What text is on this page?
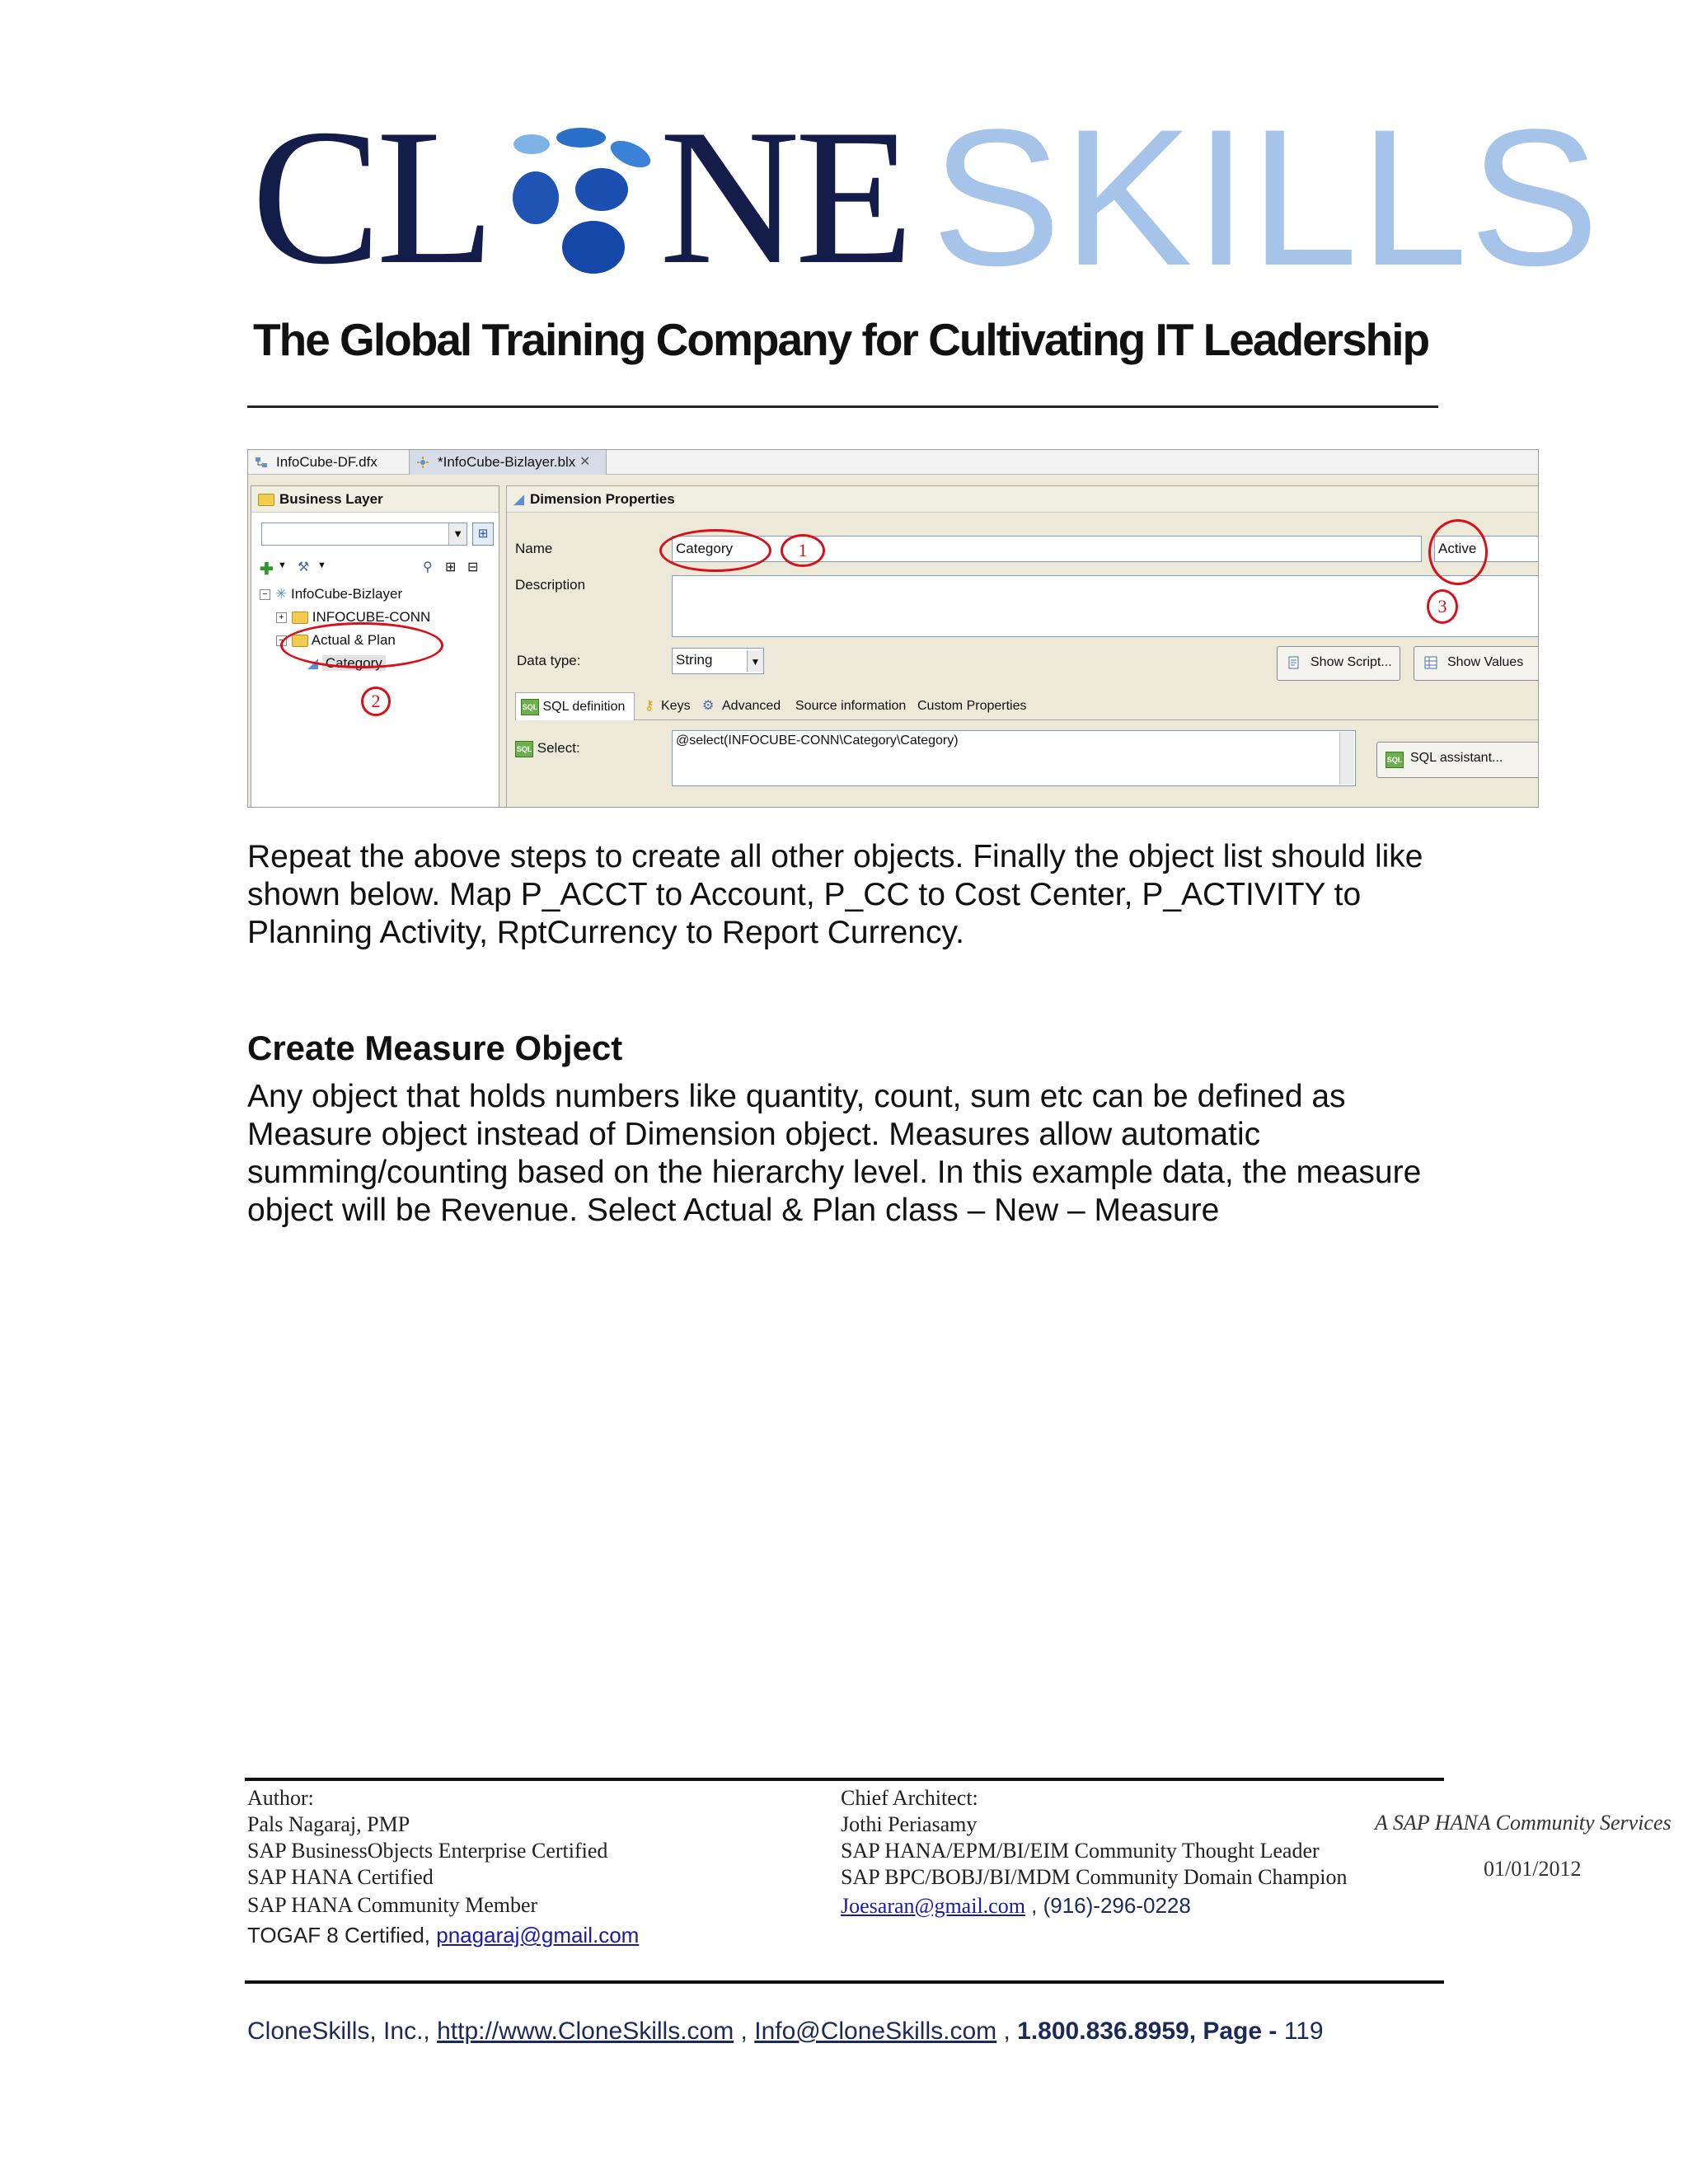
CL NE SKILLS
The Global Training Company for Cultivating IT Leadership
InfoCube-DF.dfx	*InfoCube-Bizlayer.blx ✕
Business Layer
▼	⊞
✚ ▼ ⚒ ▼	⚲ ⊞ ⊟
− ✳ InfoCube-Bizlayer
+ INFOCUBE-CONN
− Actual & Plan
◢ Category
2
◢ Dimension Properties
Name	Category	Active
Description
Data type:	String	▼	Show Script...	Show Values
SQL SQL definition	⚷ Keys ⚙ Advanced Source information Custom Properties
SQL Select:	@select(INFOCUBE-CONN\Category\Category)
SQL SQL assistant...
1
3

Repeat the above steps to create all other objects. Finally the object list should like shown below. Map P_ACCT to Account, P_CC to Cost Center, P_ACTIVITY to Planning Activity, RptCurrency to Report Currency.

Create Measure Object

Any object that holds numbers like quantity, count, sum etc can be defined as Measure object instead of Dimension object. Measures allow automatic summing/counting based on the hierarchy level. In this example data, the measure object will be Revenue. Select Actual & Plan class – New – Measure

Author:
Pals Nagaraj, PMP
SAP BusinessObjects Enterprise Certified
SAP HANA Certified
SAP HANA Community Member
TOGAF 8 Certified, pnagaraj@gmail.com
Chief Architect:
Jothi Periasamy
SAP HANA/EPM/BI/EIM Community Thought Leader
SAP BPC/BOBJ/BI/MDM Community Domain Champion
Joesaran@gmail.com , (916)-296-0228
A SAP HANA Community Services
01/01/2012
CloneSkills, Inc., http://www.CloneSkills.com , Info@CloneSkills.com , 1.800.836.8959, Page - 119
